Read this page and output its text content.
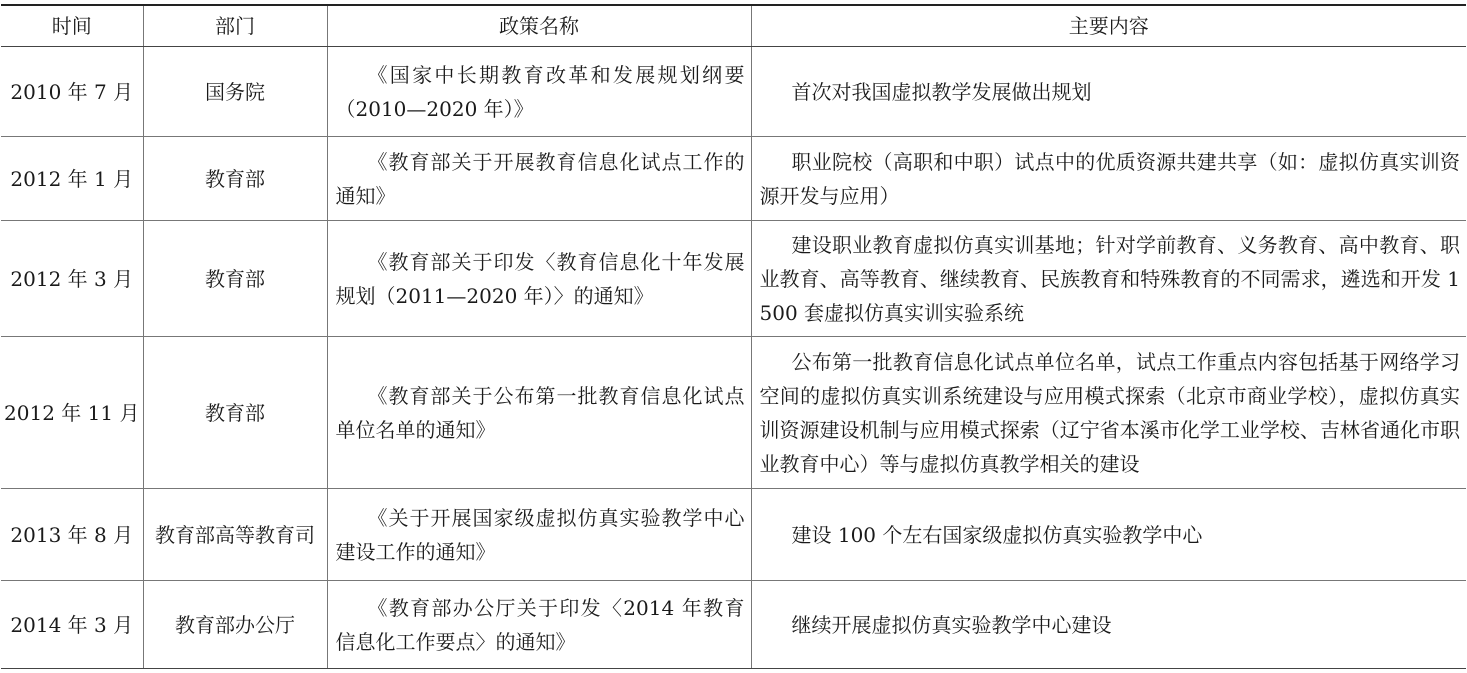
时间	部门	政策名称	主要内容
2010 年 7 月	国务院	《国家中长期教育改革和发展规划纲要（2010—2020 年）》	首次对我国虚拟教学发展做出规划
2012 年 1 月	教育部	《教育部关于开展教育信息化试点工作的通知》	职业院校（高职和中职）试点中的优质资源共建共享（如：虚拟仿真实训资源开发与应用）
2012 年 3 月	教育部	《教育部关于印发〈教育信息化十年发展规划（2011—2020 年）〉的通知》	建设职业教育虚拟仿真实训基地；针对学前教育、义务教育、高中教育、职业教育、高等教育、继续教育、民族教育和特殊教育的不同需求，遴选和开发 1 500 套虚拟仿真实训实验系统
2012 年 11 月	教育部	《教育部关于公布第一批教育信息化试点单位名单的通知》	公布第一批教育信息化试点单位名单，试点工作重点内容包括基于网络学习空间的虚拟仿真实训系统建设与应用模式探索（北京市商业学校），虚拟仿真实训资源建设机制与应用模式探索（辽宁省本溪市化学工业学校、吉林省通化市职业教育中心）等与虚拟仿真教学相关的建设
2013 年 8 月	教育部高等教育司	《关于开展国家级虚拟仿真实验教学中心建设工作的通知》	建设 100 个左右国家级虚拟仿真实验教学中心
2014 年 3 月	教育部办公厅	《教育部办公厅关于印发〈2014 年教育信息化工作要点〉的通知》	继续开展虚拟仿真实验教学中心建设
